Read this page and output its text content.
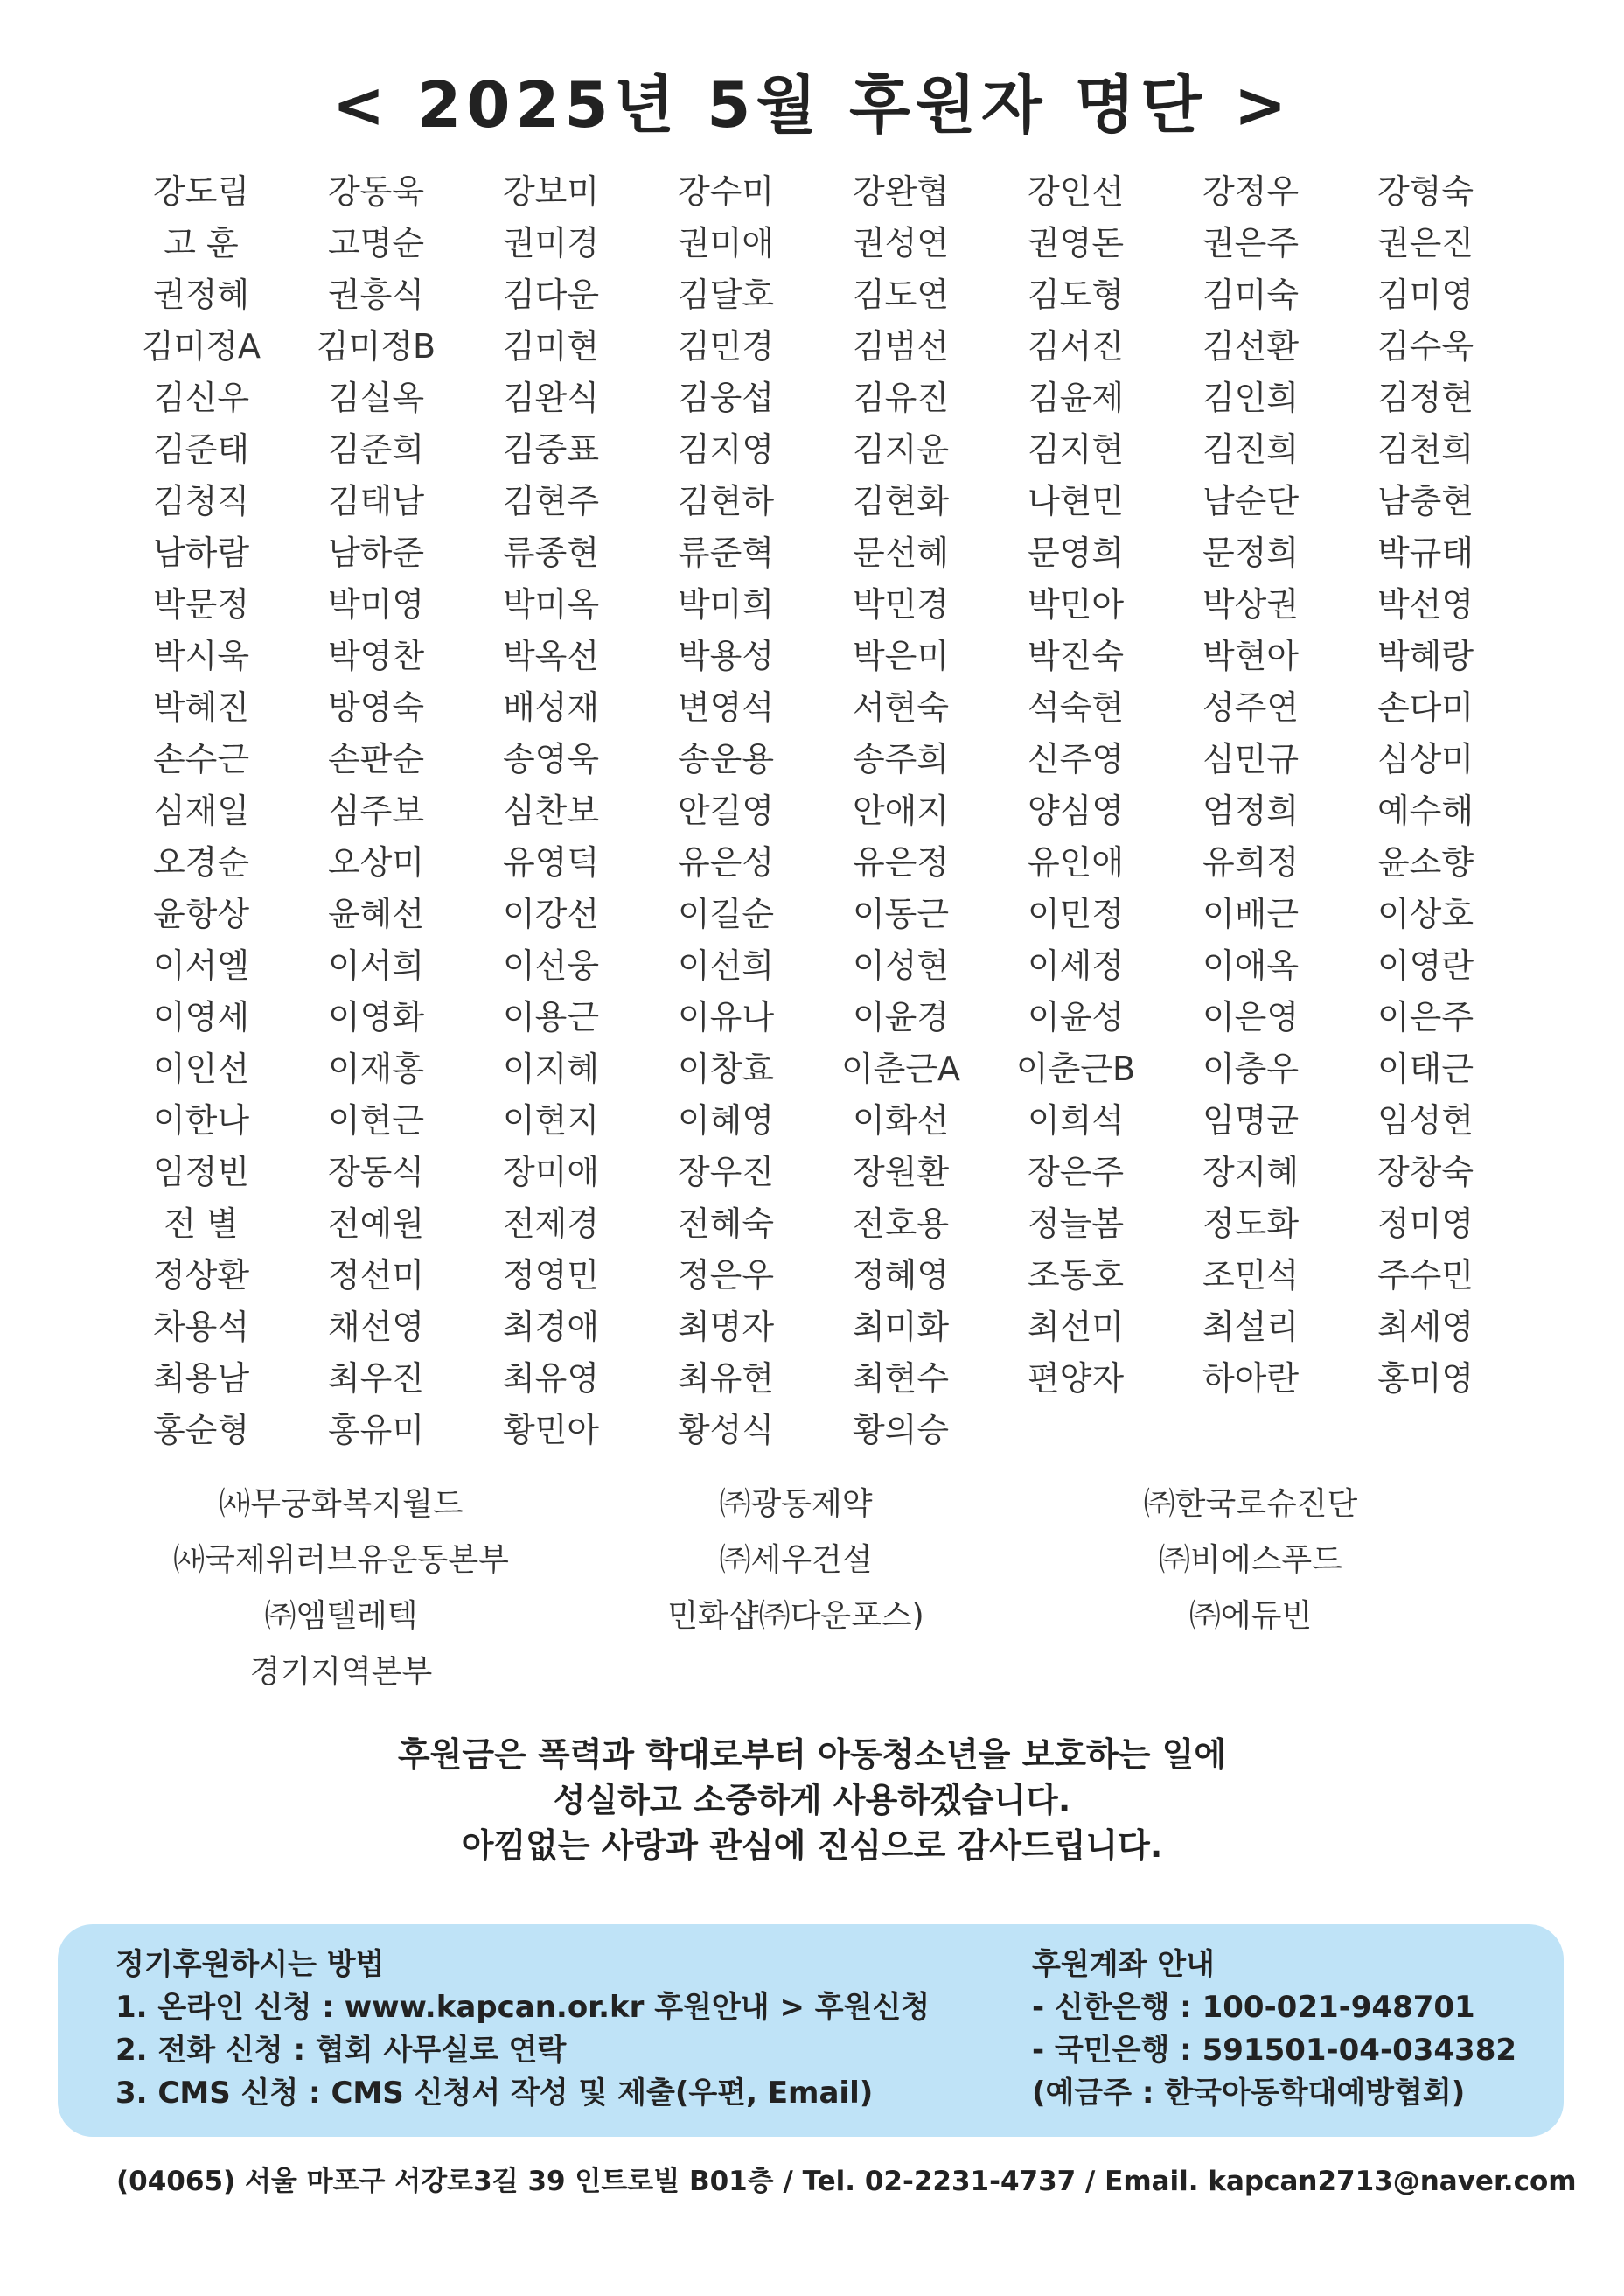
< 2025년 5월 후원자 명단 >
강도림	강동욱	강보미	강수미	강완협	강인선	강정우	강형숙
고 훈	고명순	권미경	권미애	권성연	권영돈	권은주	권은진
권정혜	권흥식	김다운	김달호	김도연	김도형	김미숙	김미영
김미정A	김미정B	김미현	김민경	김범선	김서진	김선환	김수욱
김신우	김실옥	김완식	김웅섭	김유진	김윤제	김인희	김정현
김준태	김준희	김중표	김지영	김지윤	김지현	김진희	김천희
김청직	김태남	김현주	김현하	김현화	나현민	남순단	남충현
남하람	남하준	류종현	류준혁	문선혜	문영희	문정희	박규태
박문정	박미영	박미옥	박미희	박민경	박민아	박상권	박선영
박시욱	박영찬	박옥선	박용성	박은미	박진숙	박현아	박혜랑
박혜진	방영숙	배성재	변영석	서현숙	석숙현	성주연	손다미
손수근	손판순	송영욱	송운용	송주희	신주영	심민규	심상미
심재일	심주보	심찬보	안길영	안애지	양심영	엄정희	예수해
오경순	오상미	유영덕	유은성	유은정	유인애	유희정	윤소향
윤항상	윤혜선	이강선	이길순	이동근	이민정	이배근	이상호
이서엘	이서희	이선웅	이선희	이성현	이세정	이애옥	이영란
이영세	이영화	이용근	이유나	이윤경	이윤성	이은영	이은주
이인선	이재홍	이지혜	이창효	이춘근A	이춘근B	이충우	이태근
이한나	이현근	이현지	이혜영	이화선	이희석	임명균	임성현
임정빈	장동식	장미애	장우진	장원환	장은주	장지혜	장창숙
전 별	전예원	전제경	전혜숙	전호용	정늘봄	정도화	정미영
정상환	정선미	정영민	정은우	정혜영	조동호	조민석	주수민
차용석	채선영	최경애	최명자	최미화	최선미	최설리	최세영
최용남	최우진	최유영	최유현	최현수	편양자	하아란	홍미영
홍순형	홍유미	황민아	황성식	황의승
㈔무궁화복지월드	㈜광동제약	㈜한국로슈진단
㈔국제위러브유운동본부	㈜세우건설	㈜비에스푸드
㈜엠텔레텍	민화샵㈜다운포스)	㈜에듀빈
경기지역본부
후원금은 폭력과 학대로부터 아동청소년을 보호하는 일에
성실하고 소중하게 사용하겠습니다.
아낌없는 사랑과 관심에 진심으로 감사드립니다.
정기후원하시는 방법
1. 온라인 신청 : www.kapcan.or.kr 후원안내 > 후원신청
2. 전화 신청 : 협회 사무실로 연락
3. CMS 신청 : CMS 신청서 작성 및 제출(우편, Email)
후원계좌 안내
- 신한은행 : 100-021-948701
- 국민은행 : 591501-04-034382
(예금주 : 한국아동학대예방협회)
(04065) 서울 마포구 서강로3길 39 인트로빌 B01층 / Tel. 02-2231-4737 / Email. kapcan2713@naver.com
